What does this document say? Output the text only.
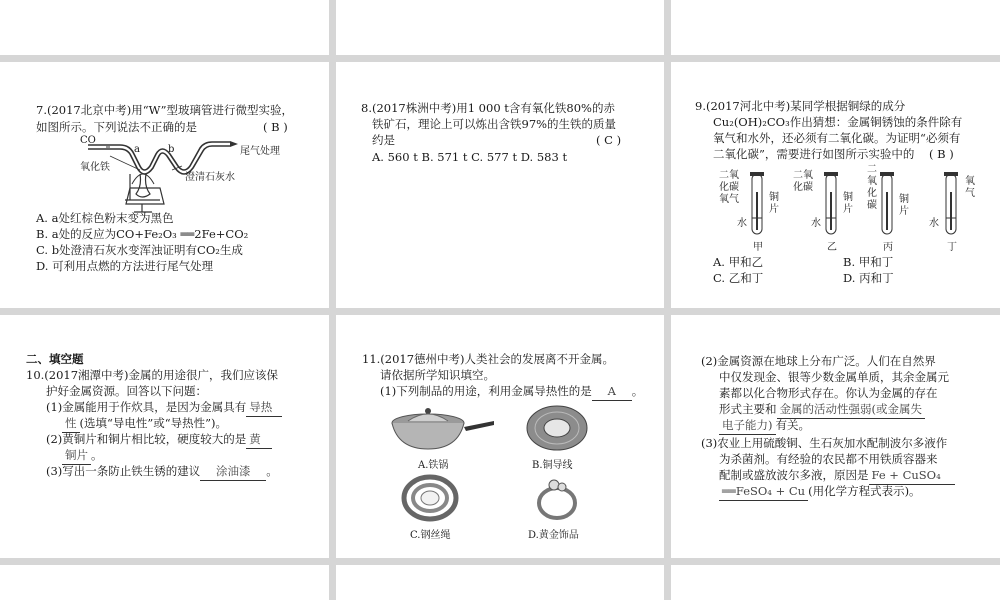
7.(2017北京中考)用“W”型玻璃管进行微型实验，
如图所示。下列说法不正确的是	( B )
CO
a	b	尾气处理
氧化铁
澄清石灰水
A. a处红棕色粉末变为黑色
B. a处的反应为CO+Fe₂O₃ ══2Fe+CO₂
C. b处澄清石灰水变浑浊证明有CO₂生成
D. 可利用点燃的方法进行尾气处理
8.(2017株洲中考)用1 000 t含有氧化铁80%的赤
铁矿石，理论上可以炼出含铁97%的生铁的质量
约是	( C )
A. 560 t B. 571 t C. 577 t D. 583 t
9.(2017河北中考)某同学根据铜绿的成分
Cu₂(OH)₂CO₃作出猜想：金属铜锈蚀的条件除有
氧气和水外，还必须有二氧化碳。为证明“必须有
二氧化碳”，需要进行如图所示实验中的 ( B )
二氧化碳氧气
水
铜片
甲
二氧化碳
水
铜片
乙
二氧化碳
铜片
丙
水
氧气
丁
A. 甲和乙	B. 甲和丁
C. 乙和丁	D. 丙和丁
二、填空题
10.(2017湘潭中考)金属的用途很广，我们应该保
护好金属资源。回答以下问题：
(1)金属能用于作炊具，是因为金属具有 导热
性 (选填“导电性”或“导热性”)。
(2)黄铜片和铜片相比较，硬度较大的是 黄
铜片 。
(3)写出一条防止铁生锈的建议 涂油漆 。
11.(2017德州中考)人类社会的发展离不开金属。
请依据所学知识填空。
(1)下列制品的用途，利用金属导热性的是 A 。
A.铁锅	B.铜导线
C.钢丝绳	D.黄金饰品
(2)金属资源在地球上分布广泛。人们在自然界
中仅发现金、银等少数金属单质，其余金属元
素都以化合物形式存在。你认为金属的存在
形式主要和 金属的活动性强弱(或金属失
电子能力) 有关。
(3)农业上用硫酸铜、生石灰加水配制波尔多液作
为杀菌剂。有经验的农民都不用铁质容器来
配制或盛放波尔多液，原因是 Fe + CuSO₄
══FeSO₄ + Cu (用化学方程式表示)。
